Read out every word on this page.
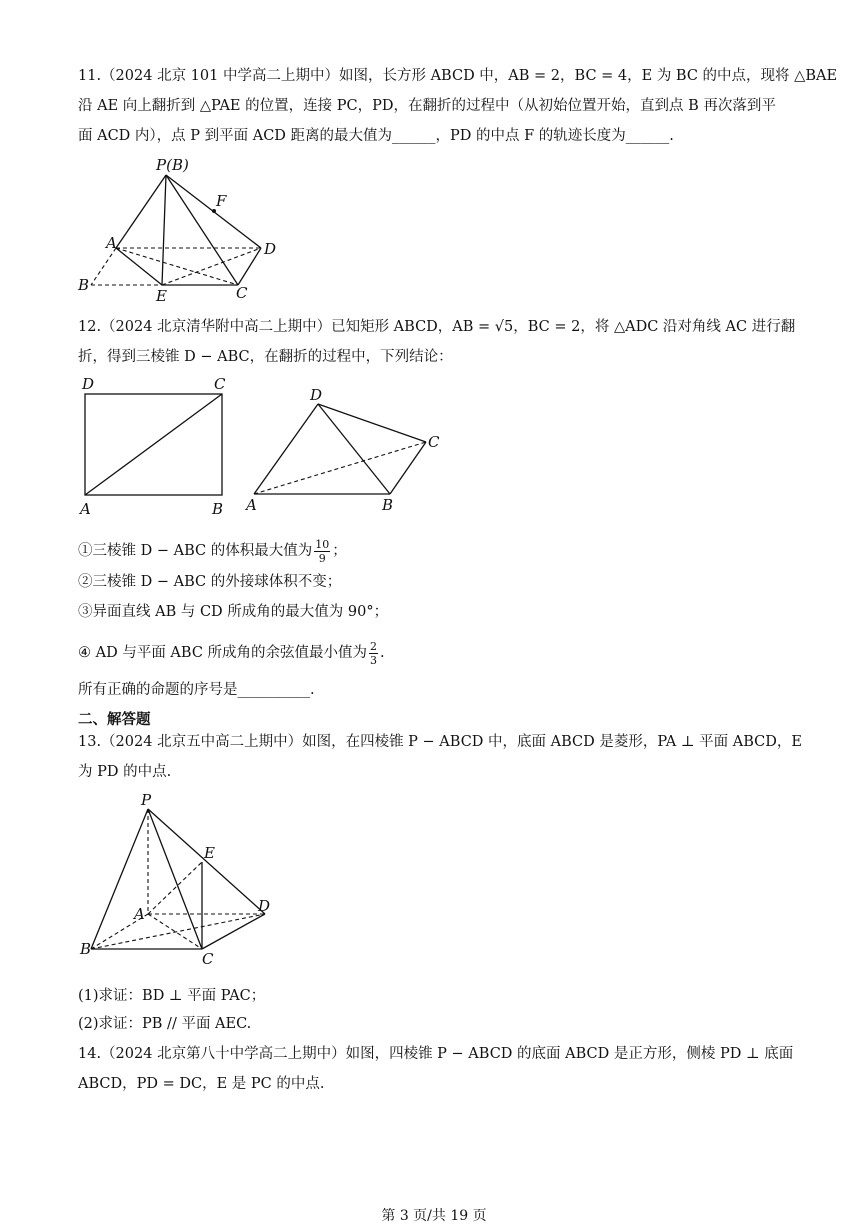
11.（2024 北京 101 中学高二上期中）如图，长方形 ABCD 中，AB = 2，BC = 4，E 为 BC 的中点，现将 △BAE
沿 AE 向上翻折到 △PAE 的位置，连接 PC，PD，在翻折的过程中（从初始位置开始，直到点 B 再次落到平
面 ACD 内），点 P 到平面 ACD 距离的最大值为______，PD 的中点 F 的轨迹长度为______.
P(B)
F
A	D
B
E	C
12.（2024 北京清华附中高二上期中）已知矩形 ABCD，AB = √5，BC = 2，将 △ADC 沿对角线 AC 进行翻
折，得到三棱锥 D − ABC，在翻折的过程中，下列结论：
D	C
A	B
D
C
A	B
①三棱锥 D − ABC 的体积最大值为 $\frac{10}{9}$ ；
②三棱锥 D − ABC 的外接球体积不变；
③异面直线 AB 与 CD 所成角的最大值为 90°；
④ AD 与平面 ABC 所成角的余弦值最小值为 $\frac{2}{3}$ .
所有正确的命题的序号是__________.
二、解答题
13.（2024 北京五中高二上期中）如图，在四棱锥 P − ABCD 中，底面 ABCD 是菱形，PA ⊥ 平面 ABCD，E
为 PD 的中点.
P
E
A	D
B
C
(1)求证：BD ⊥ 平面 PAC；
(2)求证：PB // 平面 AEC.
14.（2024 北京第八十中学高二上期中）如图，四棱锥 P − ABCD 的底面 ABCD 是正方形，侧棱 PD ⊥ 底面
ABCD，PD = DC，E 是 PC 的中点.
第 3 页/共 19 页
